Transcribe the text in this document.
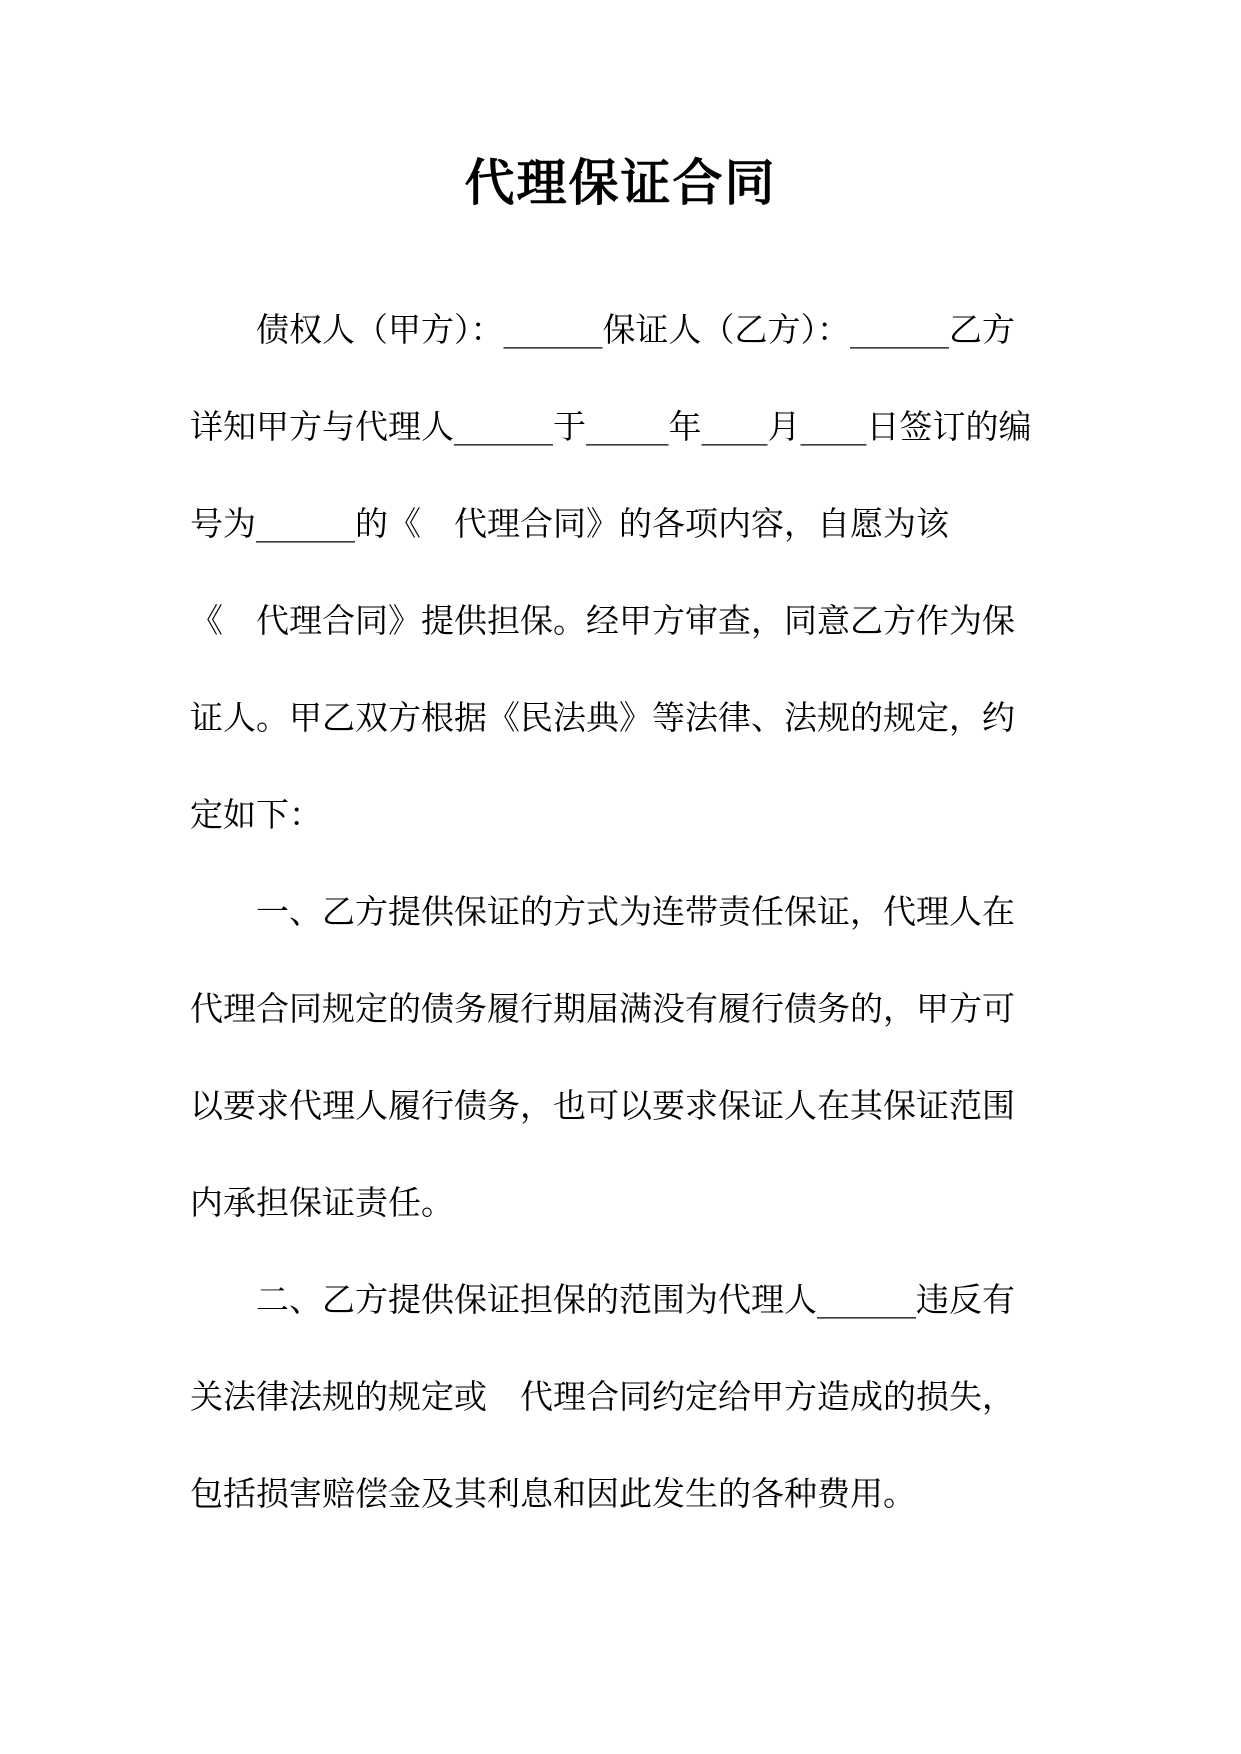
代理保证合同

债权人（甲方）：______保证人（乙方）：______乙方

详知甲方与代理人______于_____年____月____日签订的编

号为______的《　代理合同》的各项内容，自愿为该

《　代理合同》提供担保。经甲方审查，同意乙方作为保

证人。甲乙双方根据《民法典》等法律、法规的规定，约

定如下：

一、乙方提供保证的方式为连带责任保证，代理人在

代理合同规定的债务履行期届满没有履行债务的，甲方可

以要求代理人履行债务，也可以要求保证人在其保证范围

内承担保证责任。

二、乙方提供保证担保的范围为代理人______违反有

关法律法规的规定或　代理合同约定给甲方造成的损失，

包括损害赔偿金及其利息和因此发生的各种费用。
